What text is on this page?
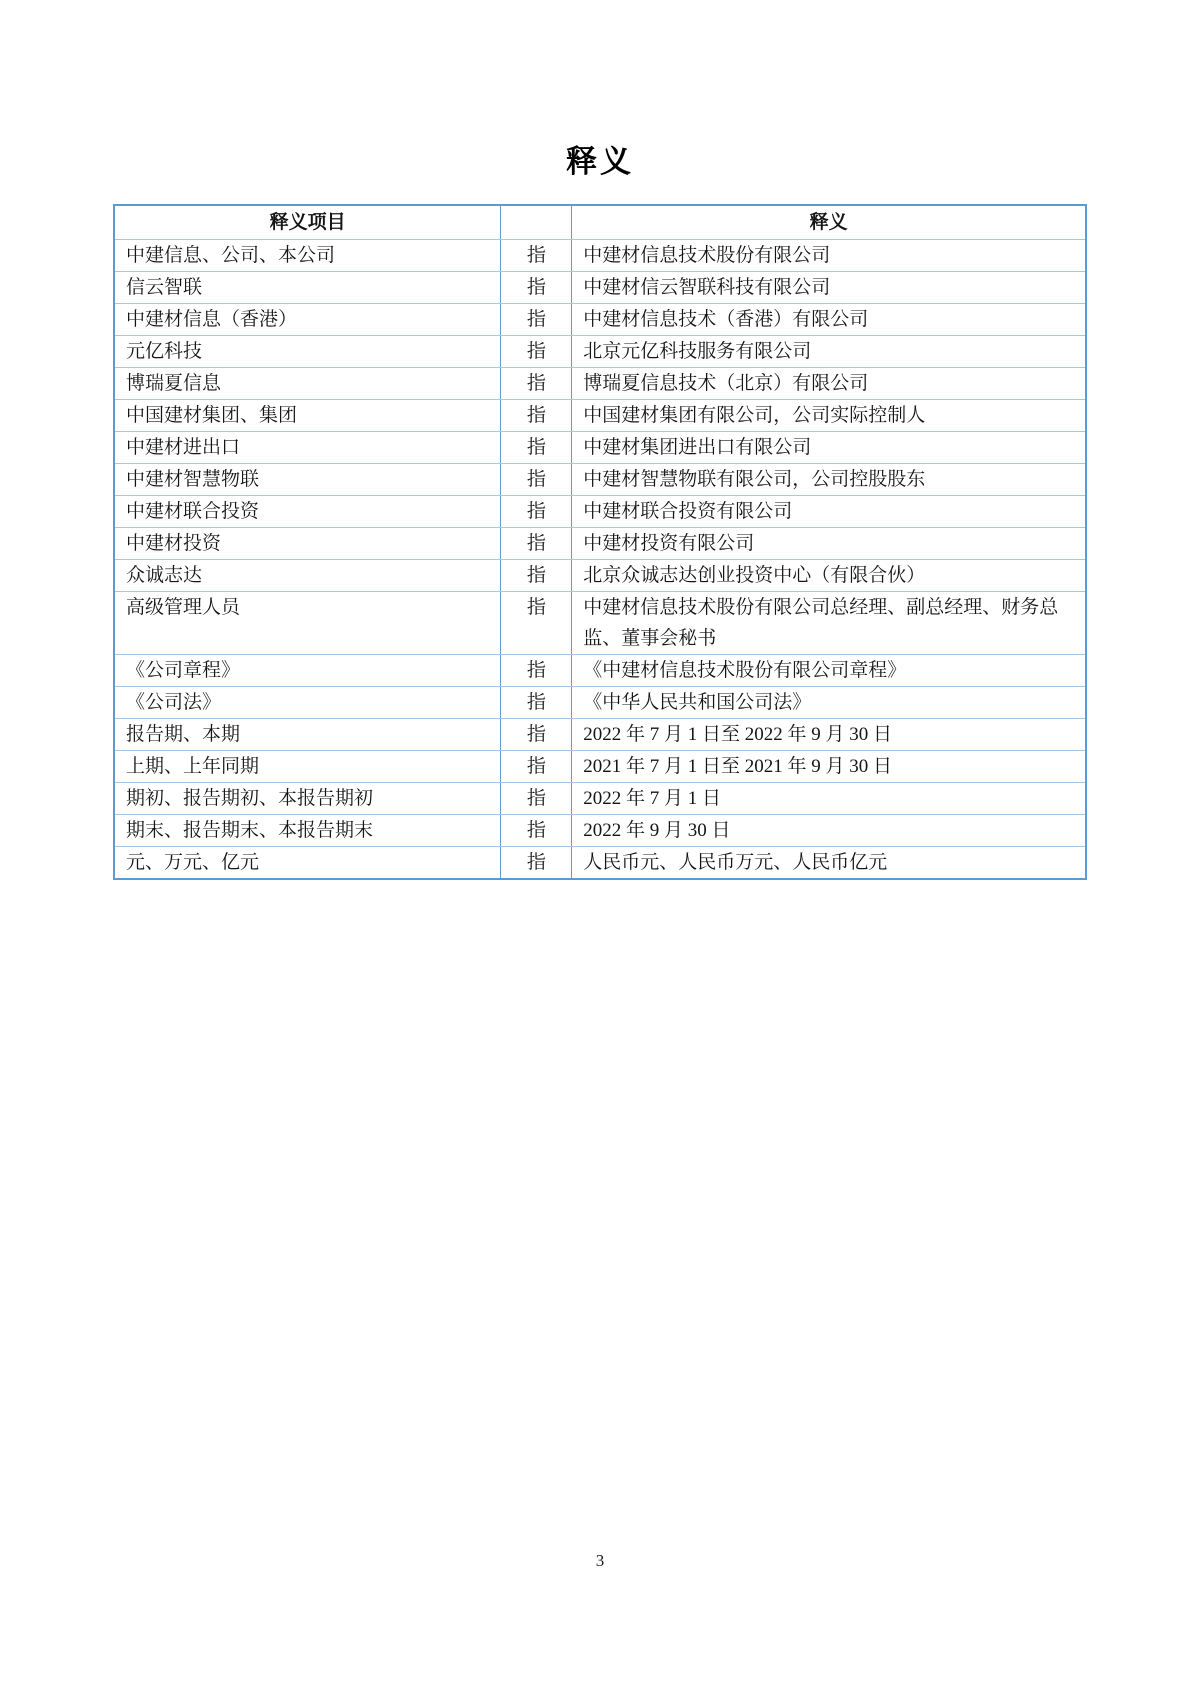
释义
释义项目		释义
中建信息、公司、本公司	指	中建材信息技术股份有限公司
信云智联	指	中建材信云智联科技有限公司
中建材信息（香港）	指	中建材信息技术（香港）有限公司
元亿科技	指	北京元亿科技服务有限公司
博瑞夏信息	指	博瑞夏信息技术（北京）有限公司
中国建材集团、集团	指	中国建材集团有限公司，公司实际控制人
中建材进出口	指	中建材集团进出口有限公司
中建材智慧物联	指	中建材智慧物联有限公司，公司控股股东
中建材联合投资	指	中建材联合投资有限公司
中建材投资	指	中建材投资有限公司
众诚志达	指	北京众诚志达创业投资中心（有限合伙）
高级管理人员	指	中建材信息技术股份有限公司总经理、副总经理、财务总监、董事会秘书
《公司章程》	指	《中建材信息技术股份有限公司章程》
《公司法》	指	《中华人民共和国公司法》
报告期、本期	指	2022 年 7 月 1 日至 2022 年 9 月 30 日
上期、上年同期	指	2021 年 7 月 1 日至 2021 年 9 月 30 日
期初、报告期初、本报告期初	指	2022 年 7 月 1 日
期末、报告期末、本报告期末	指	2022 年 9 月 30 日
元、万元、亿元	指	人民币元、人民币万元、人民币亿元
3
